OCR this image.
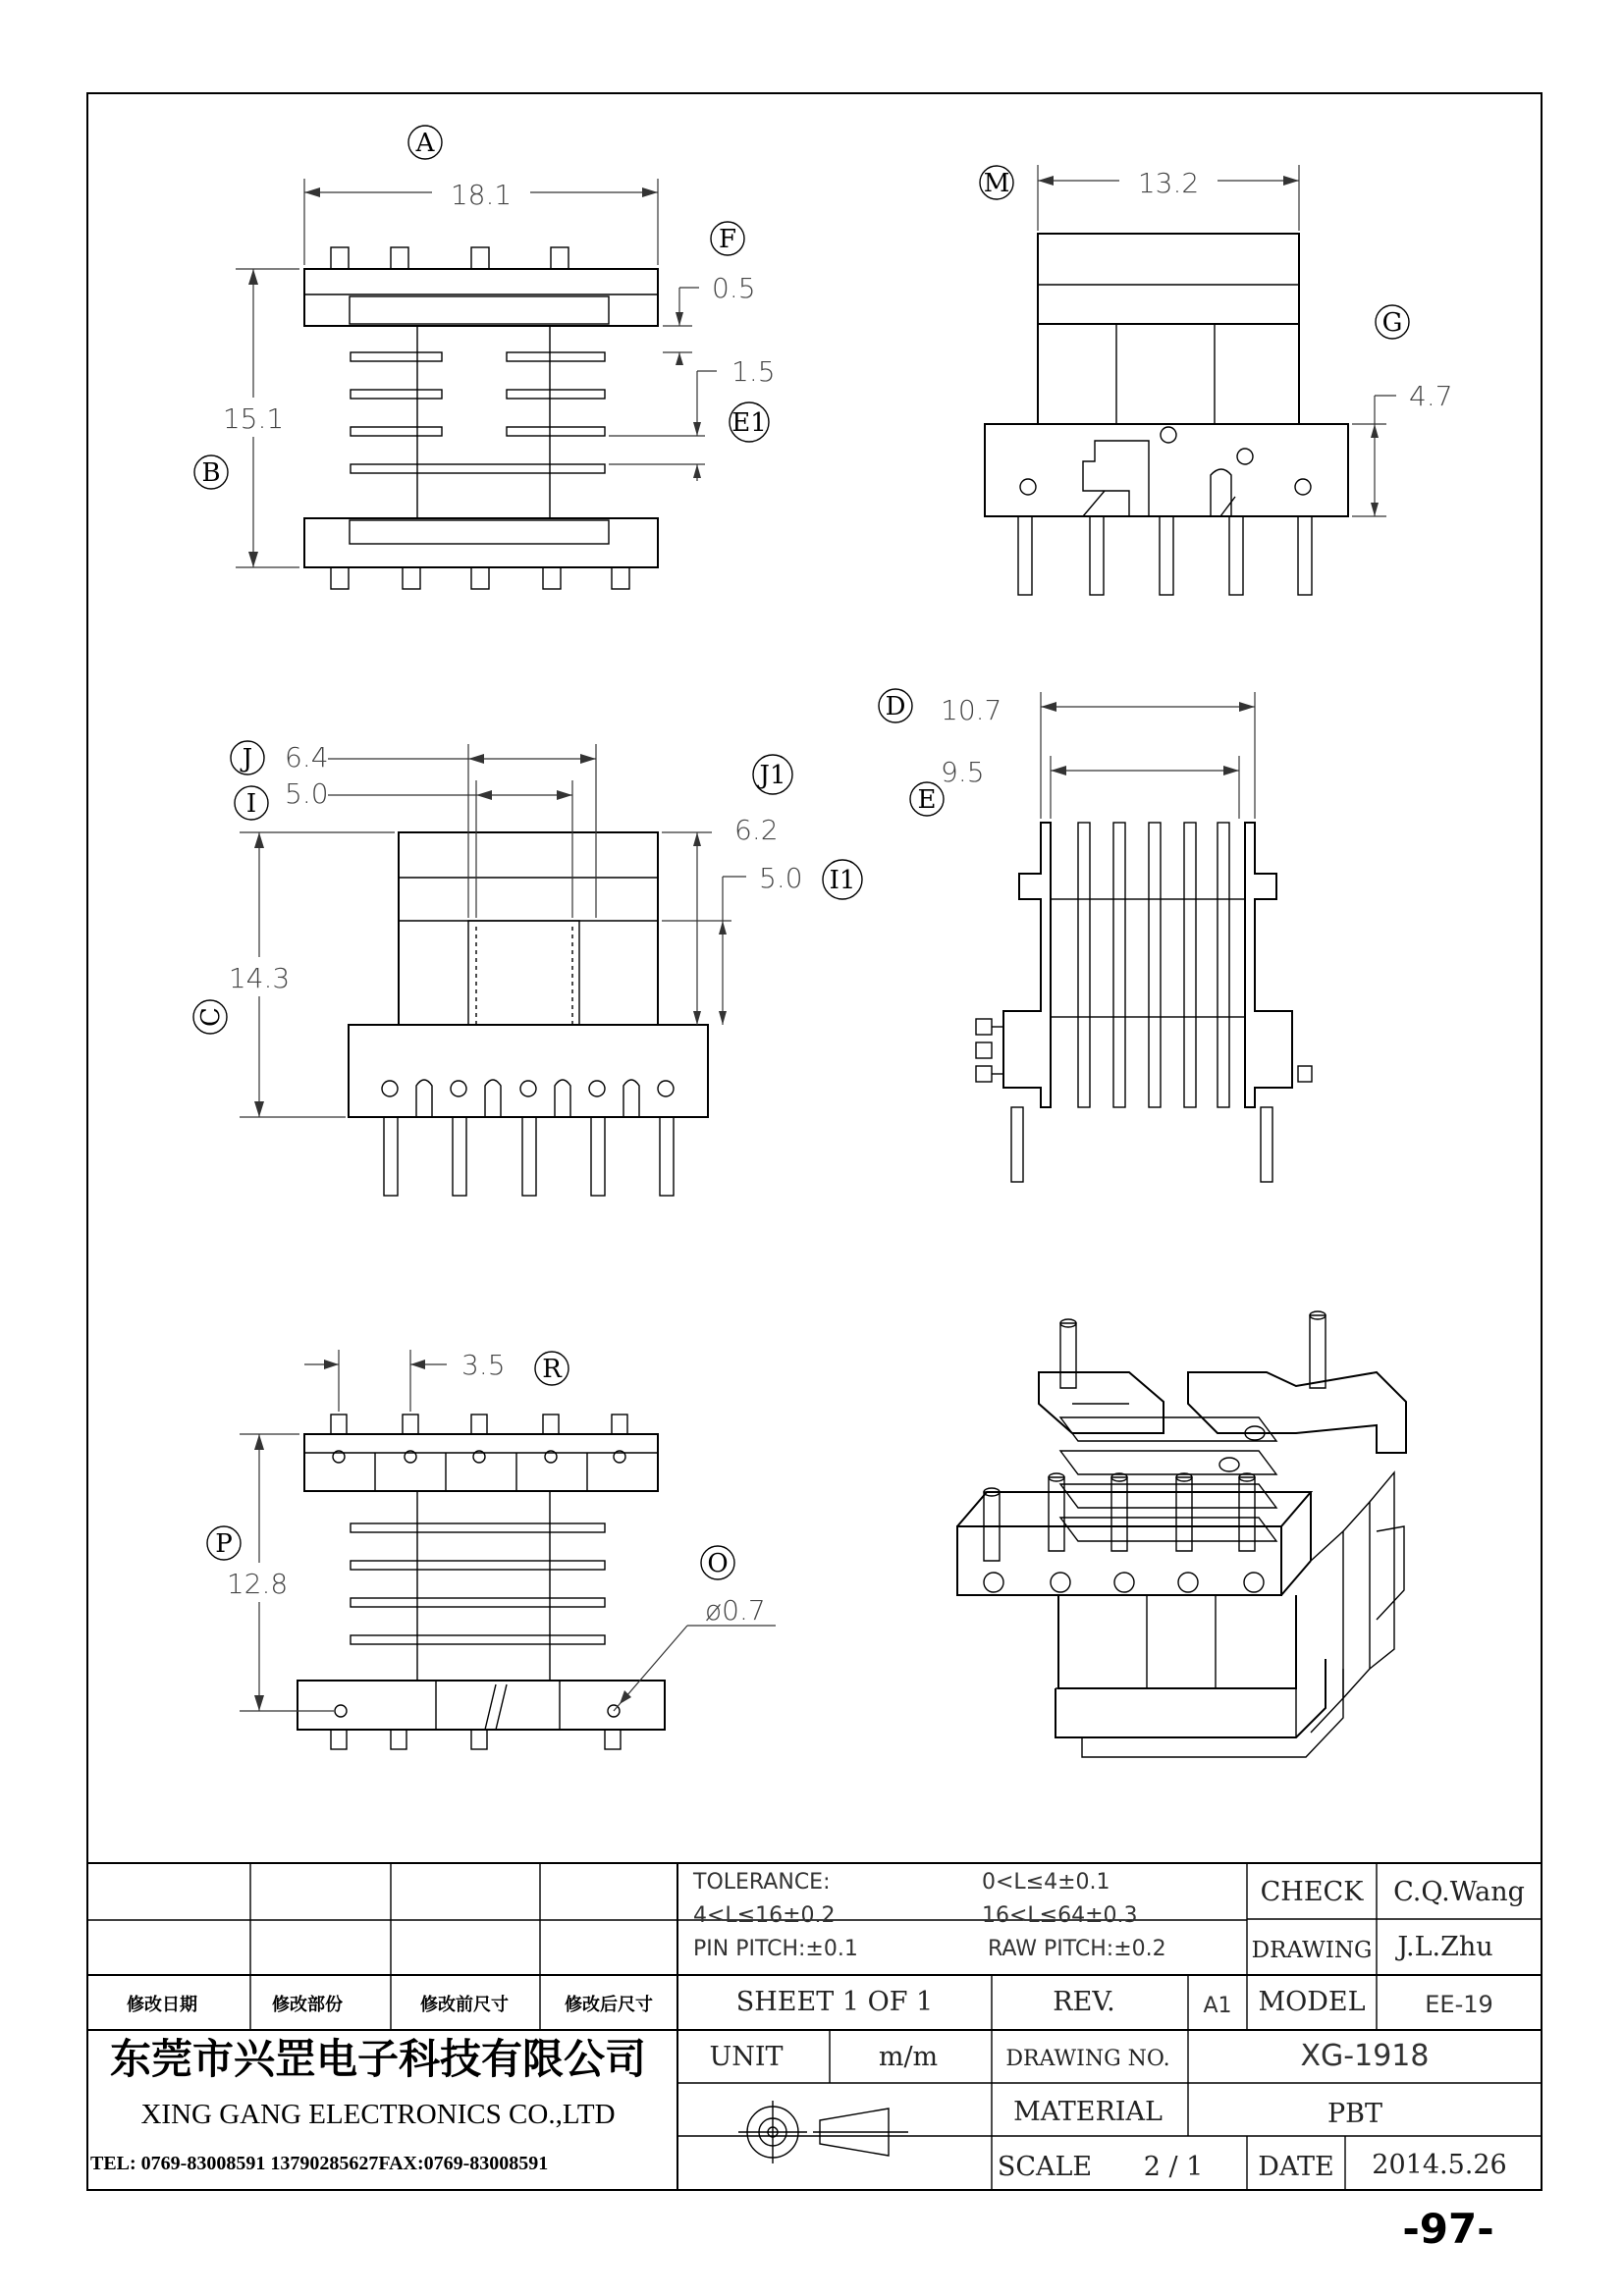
18.1
A
15.1
B
0.5
F
1.5
E1
13.2
M
4.7
G
6.4
J
5.0
I
14.3
C
6.2
J1
5.0 I1
10.7
D
9.5
E
3.5 R
12.8
P
ø0.7
O
TOLERANCE:	0<L≤4±0.1
4<L≤16±0.2	16<L≤64±0.3
PIN PITCH:±0.1	RAW PITCH:±0.2
CHECK C.Q.Wang
DRAWING J.L.Zhu
修改日期	修改部份	修改前尺寸	修改后尺寸	SHEET 1 OF 1	REV.	A1 MODEL	EE-19
东莞市兴罡电子科技有限公司
XING GANG ELECTRONICS CO.,LTD
TEL: 0769-83008591 13790285627FAX:0769-83008591
UNIT	m/m	DRAWING NO.	XG-1918
MATERIAL	PBT
SCALE 2 / 1 DATE 2014.5.26
-97-
